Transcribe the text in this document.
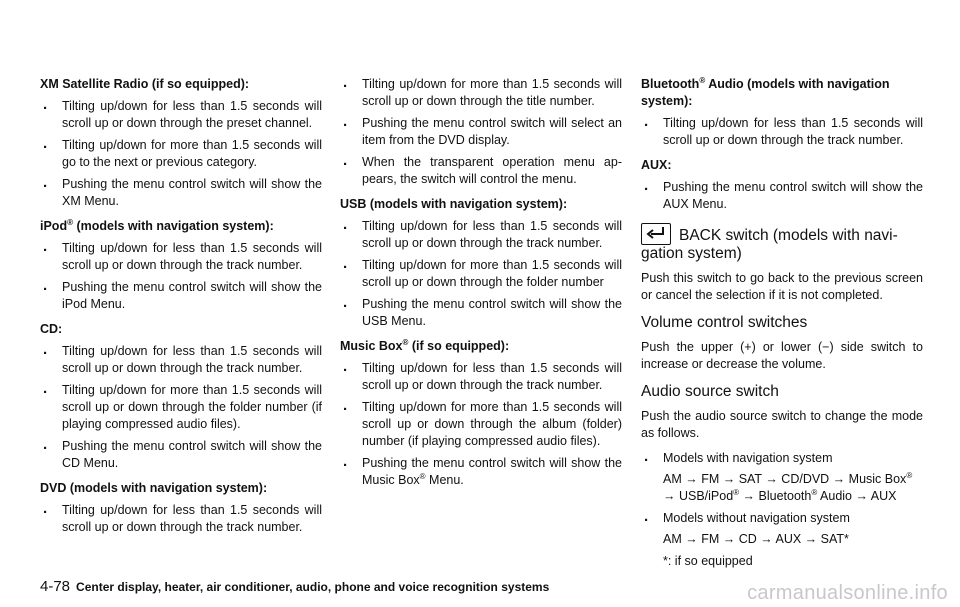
XM Satellite Radio (if so equipped):
. Tilting up/down for less than 1.5 seconds will scroll up or down through the preset channel.
. Tilting up/down for more than 1.5 seconds will go to the next or previous category.
. Pushing the menu control switch will show the XM Menu.
iPod® (models with navigation system):
. Tilting up/down for less than 1.5 seconds will scroll up or down through the track number.
. Pushing the menu control switch will show the iPod Menu.
CD:
. Tilting up/down for less than 1.5 seconds will scroll up or down through the track number.
. Tilting up/down for more than 1.5 seconds will scroll up or down through the folder number (if playing compressed audio files).
. Pushing the menu control switch will show the CD Menu.
DVD (models with navigation system):
. Tilting up/down for less than 1.5 seconds will scroll up or down through the track number.
. Tilting up/down for more than 1.5 seconds will scroll up or down through the title number.
. Pushing the menu control switch will select an item from the DVD display.
. When the transparent operation menu ap-pears, the switch will control the menu.
USB (models with navigation system):
. Tilting up/down for less than 1.5 seconds will scroll up or down through the track number.
. Tilting up/down for more than 1.5 seconds will scroll up or down through the folder number
. Pushing the menu control switch will show the USB Menu.
Music Box® (if so equipped):
. Tilting up/down for less than 1.5 seconds will scroll up or down through the track number.
. Tilting up/down for more than 1.5 seconds will scroll up or down through the album (folder) number (if playing compressed audio files).
. Pushing the menu control switch will show the Music Box® Menu.
Bluetooth® Audio (models with navigation system):
. Tilting up/down for less than 1.5 seconds will scroll up or down through the track number.
AUX:
. Pushing the menu control switch will show the AUX Menu.
BACK switch (models with navi-gation system)

Push this switch to go back to the previous screen or cancel the selection if it is not completed.

Volume control switches

Push the upper (+) or lower (−) side switch to increase or decrease the volume.

Audio source switch

Push the audio source switch to change the mode as follows.

. Models with navigation system
AM → FM → SAT → CD/DVD → Music Box® → USB/iPod® → Bluetooth® Audio → AUX
. Models without navigation system
AM → FM → CD → AUX → SAT*
*: if so equipped
4-78 Center display, heater, air conditioner, audio, phone and voice recognition systems	carmanualsonline.info
